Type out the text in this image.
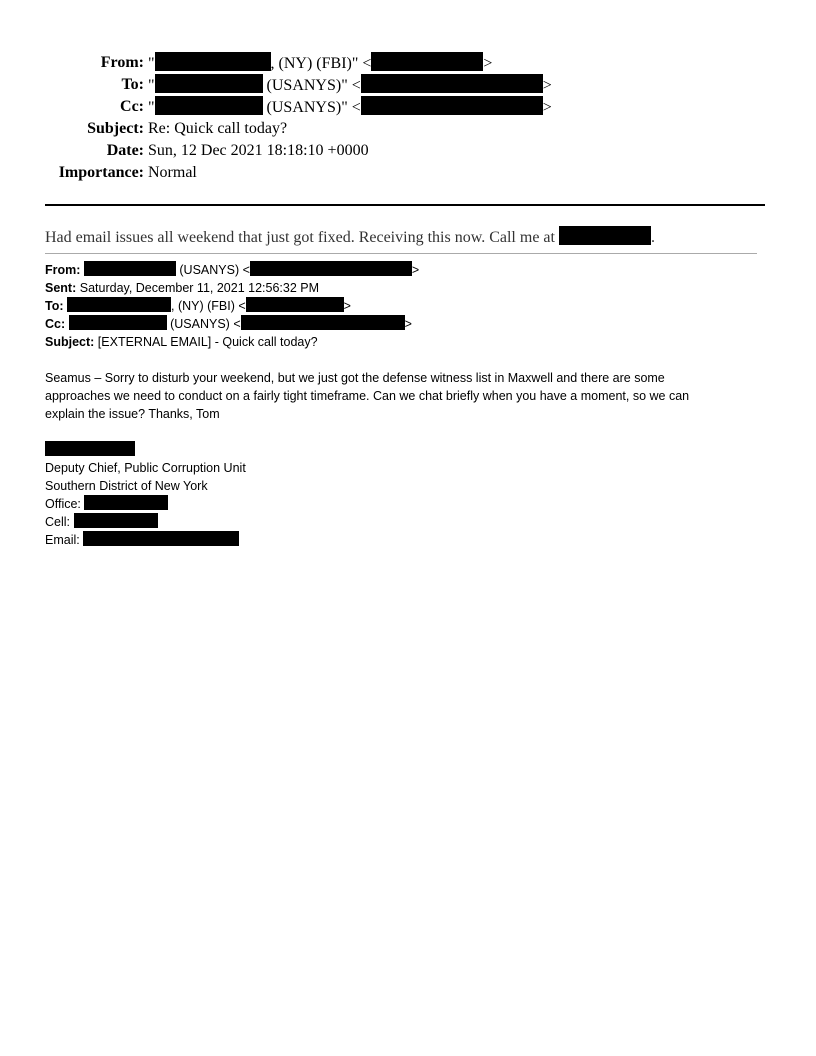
From: "	, (NY) (FBI)" <	>
To: "	(USANYS)" <	>
Cc: "	(USANYS)" <	>
Subject: Re: Quick call today?
Date: Sun, 12 Dec 2021 18:18:10 +0000
Importance: Normal
Had email issues all weekend that just got fixed. Receiving this now. Call me at	.
From:	(USANYS) <	>
Sent: Saturday, December 11, 2021 12:56:32 PM
To:	, (NY) (FBI) <	>
Cc:	(USANYS) <	>
Subject: [EXTERNAL EMAIL] - Quick call today?
Seamus – Sorry to disturb your weekend, but we just got the defense witness list in Maxwell and there are some
approaches we need to conduct on a fairly tight timeframe. Can we chat briefly when you have a moment, so we can
explain the issue? Thanks, Tom
Deputy Chief, Public Corruption Unit
Southern District of New York
Office:
Cell:
Email:
